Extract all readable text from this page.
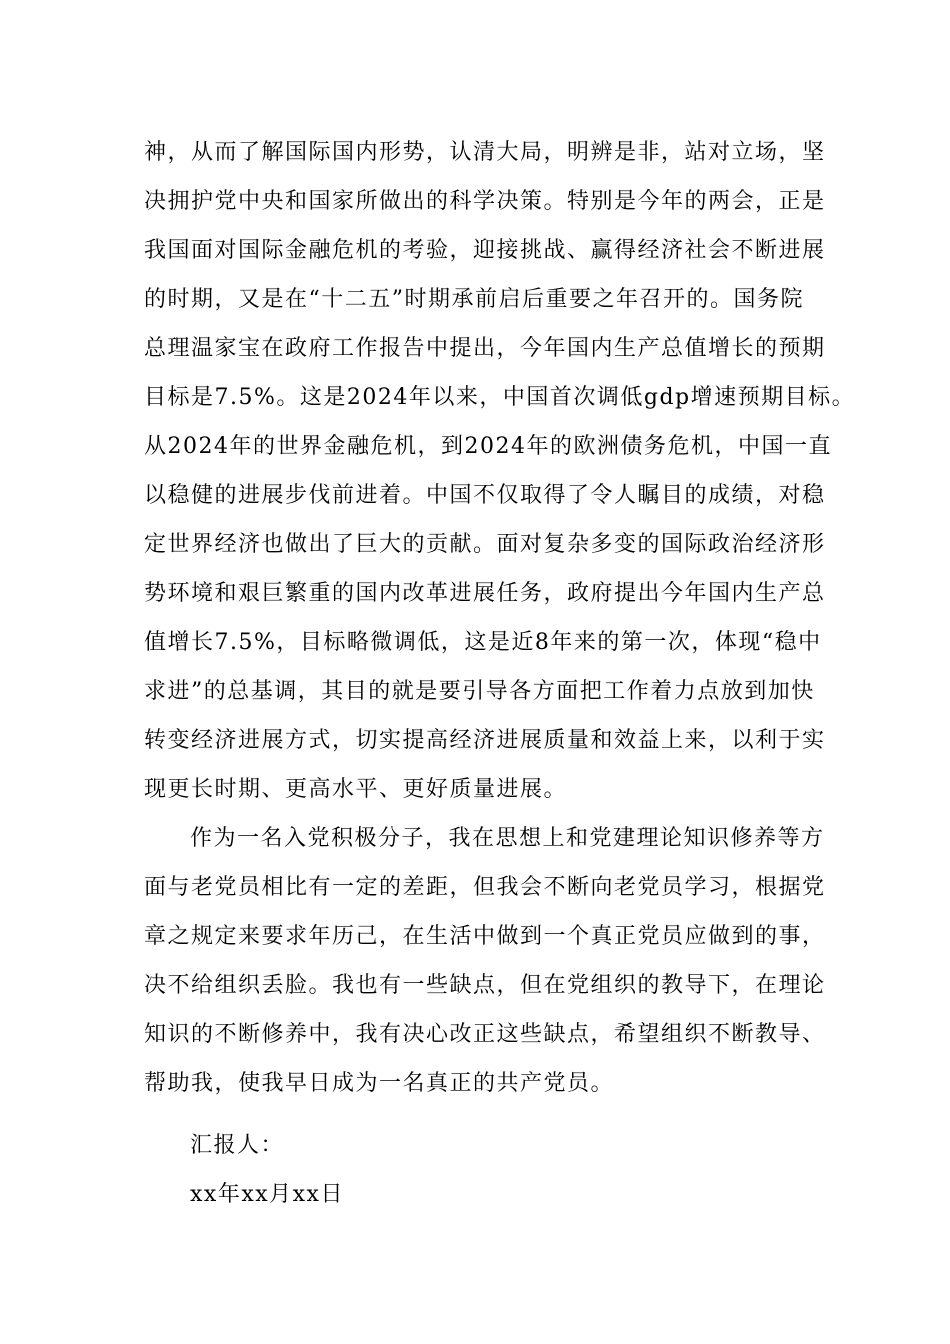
神，从而了解国际国内形势，认清大局，明辨是非，站对立场，坚
决拥护党中央和国家所做出的科学决策。特别是今年的两会，正是
我国面对国际金融危机的考验，迎接挑战、赢得经济社会不断进展
的时期，又是在“十二五”时期承前启后重要之年召开的。国务院
总理温家宝在政府工作报告中提出，今年国内生产总值增长的预期
目标是7.5%。这是2024年以来，中国首次调低gdp增速预期目标。
从2024年的世界金融危机，到2024年的欧洲债务危机，中国一直
以稳健的进展步伐前进着。中国不仅取得了令人瞩目的成绩，对稳
定世界经济也做出了巨大的贡献。面对复杂多变的国际政治经济形
势环境和艰巨繁重的国内改革进展任务，政府提出今年国内生产总
值增长7.5%，目标略微调低，这是近8年来的第一次，体现“稳中
求进”的总基调，其目的就是要引导各方面把工作着力点放到加快
转变经济进展方式，切实提高经济进展质量和效益上来，以利于实
现更长时期、更高水平、更好质量进展。
作为一名入党积极分子，我在思想上和党建理论知识修养等方
面与老党员相比有一定的差距，但我会不断向老党员学习，根据党
章之规定来要求年历己，在生活中做到一个真正党员应做到的事，
决不给组织丢脸。我也有一些缺点，但在党组织的教导下，在理论
知识的不断修养中，我有决心改正这些缺点，希望组织不断教导、
帮助我，使我早日成为一名真正的共产党员。
汇报人：
xx年xx月xx日
